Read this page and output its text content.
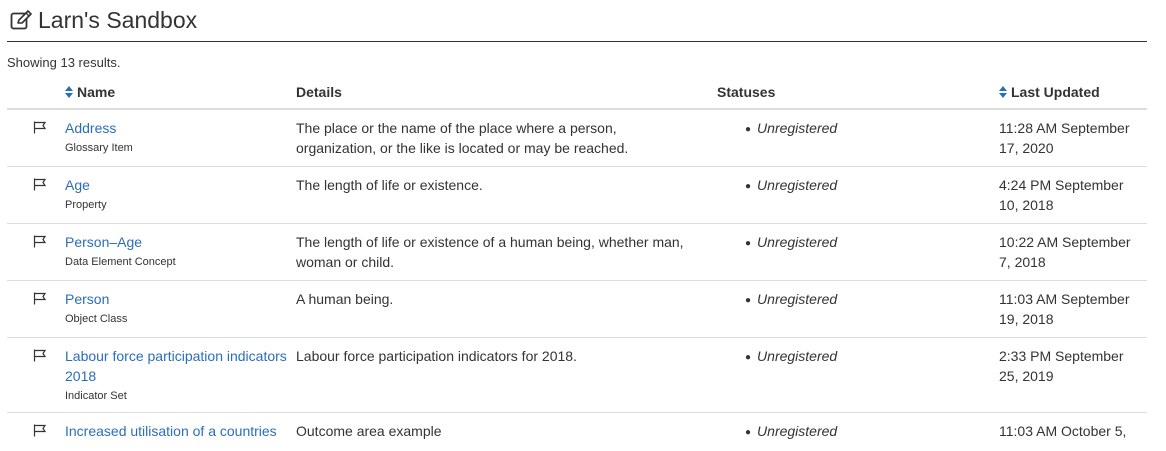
Larn's Sandbox
Showing 13 results.
	Name	Details	Statuses	Last Updated

Address
Glossary Item	The place or the name of the place where a person, organization, or the like is located or may be reached.	● Unregistered	11:28 AM September 17, 2020

Age
Property	The length of life or existence.	● Unregistered	4:24 PM September 10, 2018

Person–Age
Data Element Concept	The length of life or existence of a human being, whether man, woman or child.	● Unregistered	10:22 AM September 7, 2018

Person
Object Class	A human being.	● Unregistered	11:03 AM September 19, 2018

Labour force participation indicators 2018
Indicator Set	Labour force participation indicators for 2018.	● Unregistered	2:33 PM September 25, 2019

Increased utilisation of a countries	Outcome area example	● Unregistered	11:03 AM October 5,
